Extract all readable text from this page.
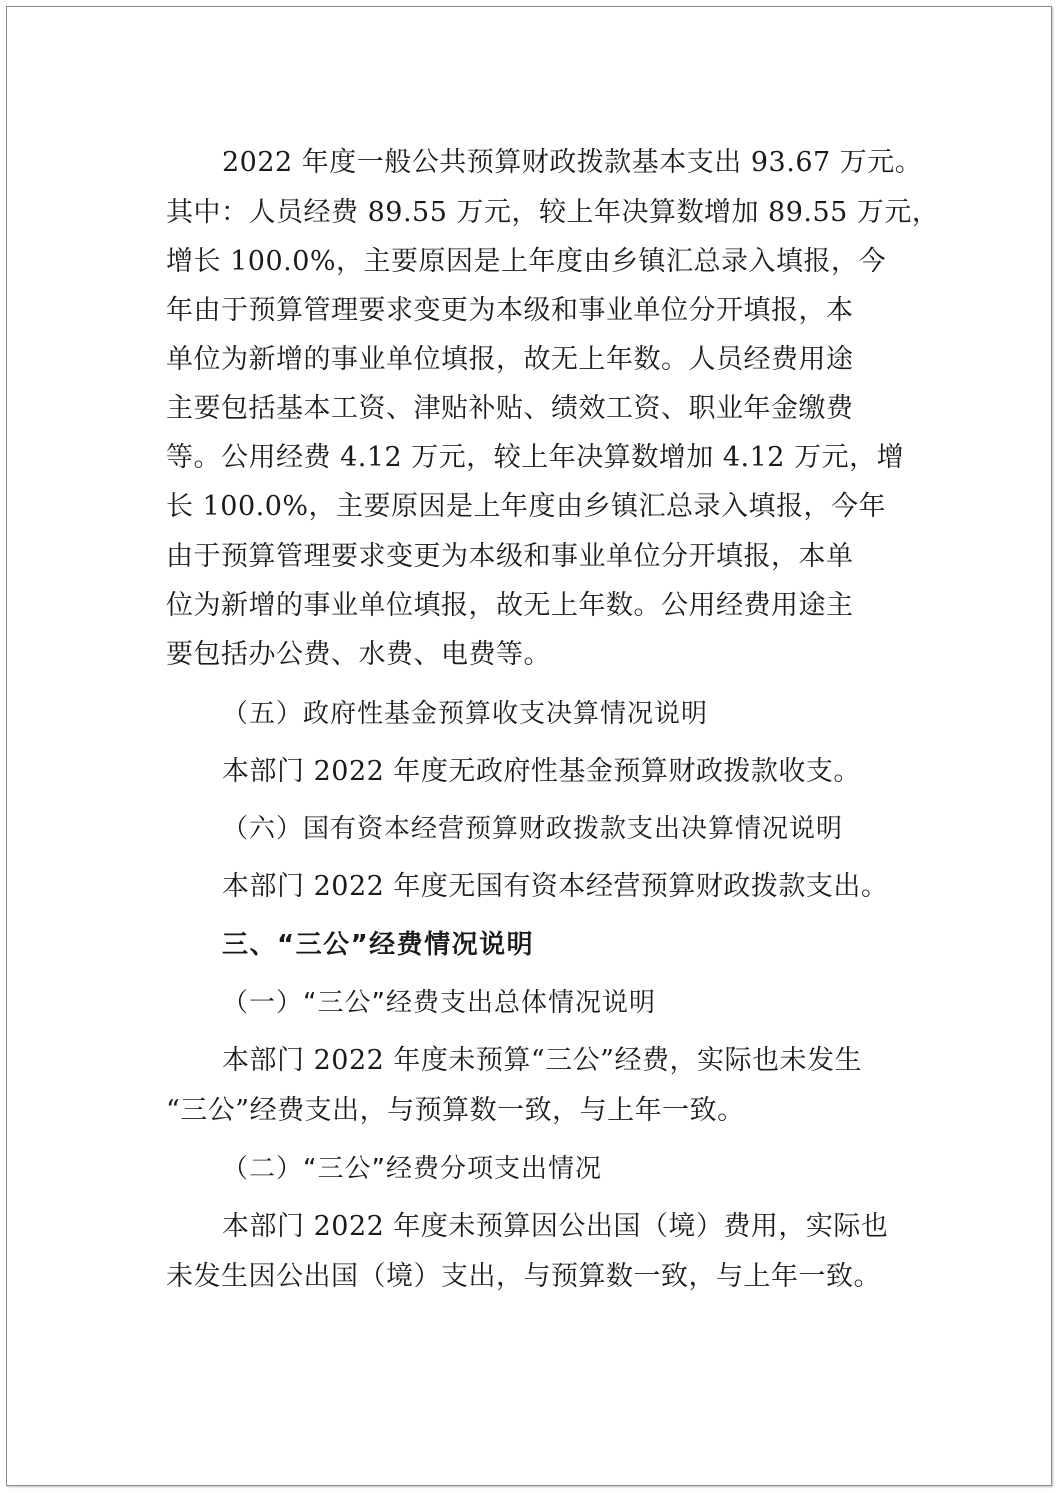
2022 年度一般公共预算财政拨款基本支出 93.67 万元。
其中：人员经费 89.55 万元，较上年决算数增加 89.55 万元，
增长 100.0%，主要原因是上年度由乡镇汇总录入填报，今
年由于预算管理要求变更为本级和事业单位分开填报，本
单位为新增的事业单位填报，故无上年数。人员经费用途
主要包括基本工资、津贴补贴、绩效工资、职业年金缴费
等。公用经费 4.12 万元，较上年决算数增加 4.12 万元，增
长 100.0%，主要原因是上年度由乡镇汇总录入填报，今年
由于预算管理要求变更为本级和事业单位分开填报，本单
位为新增的事业单位填报，故无上年数。公用经费用途主
要包括办公费、水费、电费等。
（五）政府性基金预算收支决算情况说明
本部门 2022 年度无政府性基金预算财政拨款收支。
（六）国有资本经营预算财政拨款支出决算情况说明
本部门 2022 年度无国有资本经营预算财政拨款支出。
三、“三公”经费情况说明
（一）“三公”经费支出总体情况说明
本部门 2022 年度未预算“三公”经费，实际也未发生
“三公”经费支出，与预算数一致，与上年一致。
（二）“三公”经费分项支出情况
本部门 2022 年度未预算因公出国（境）费用，实际也
未发生因公出国（境）支出，与预算数一致，与上年一致。
